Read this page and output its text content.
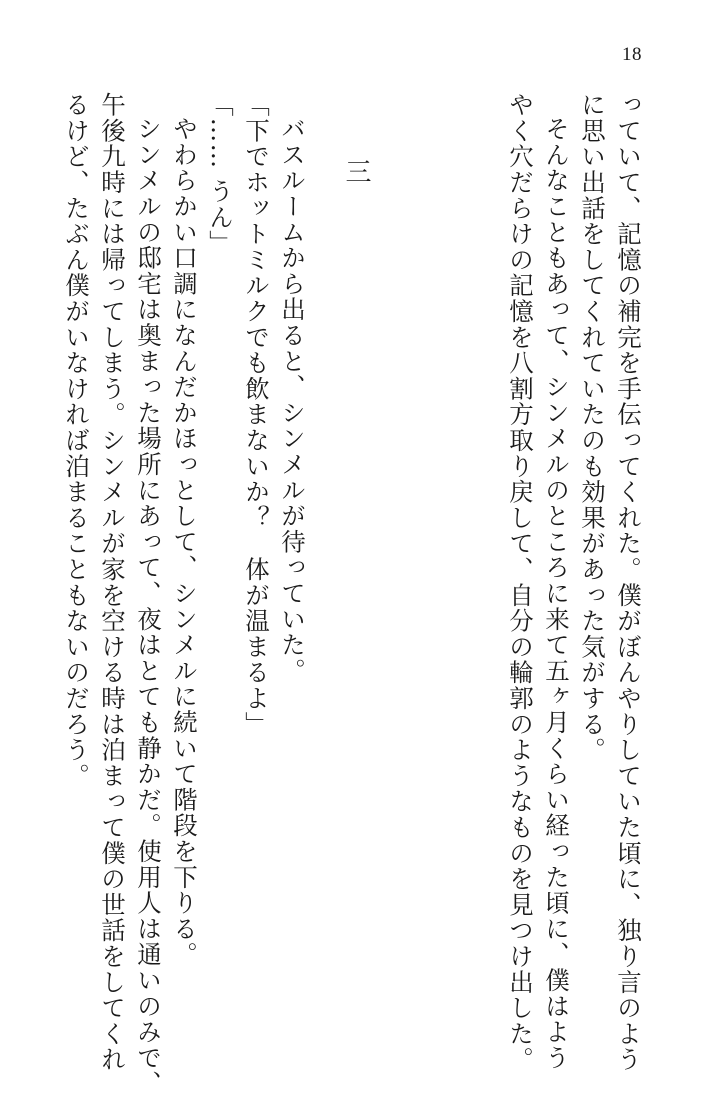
18
っていて、記憶の補完を手伝ってくれた。僕がぼんやりしていた頃に、独り言のよう
に思い出話をしてくれていたのも効果があった気がする。
そんなこともあって、シンメルのところに来て五ヶ月くらい経った頃に、僕はよう
やく穴だらけの記憶を八割方取り戻して、自分の輪郭のようなものを見つけ出した。
三
バスルームから出ると、シンメルが待っていた。
「下でホットミルクでも飲まないか？　体が温まるよ」
「…… うん」
やわらかい口調になんだかほっとして、シンメルに続いて階段を下りる。
シンメルの邸宅は奥まった場所にあって、夜はとても静かだ。使用人は通いのみで、
午後九時には帰ってしまう。シンメルが家を空ける時は泊まって僕の世話をしてくれ
るけど、たぶん僕がいなければ泊まることもないのだろう。
